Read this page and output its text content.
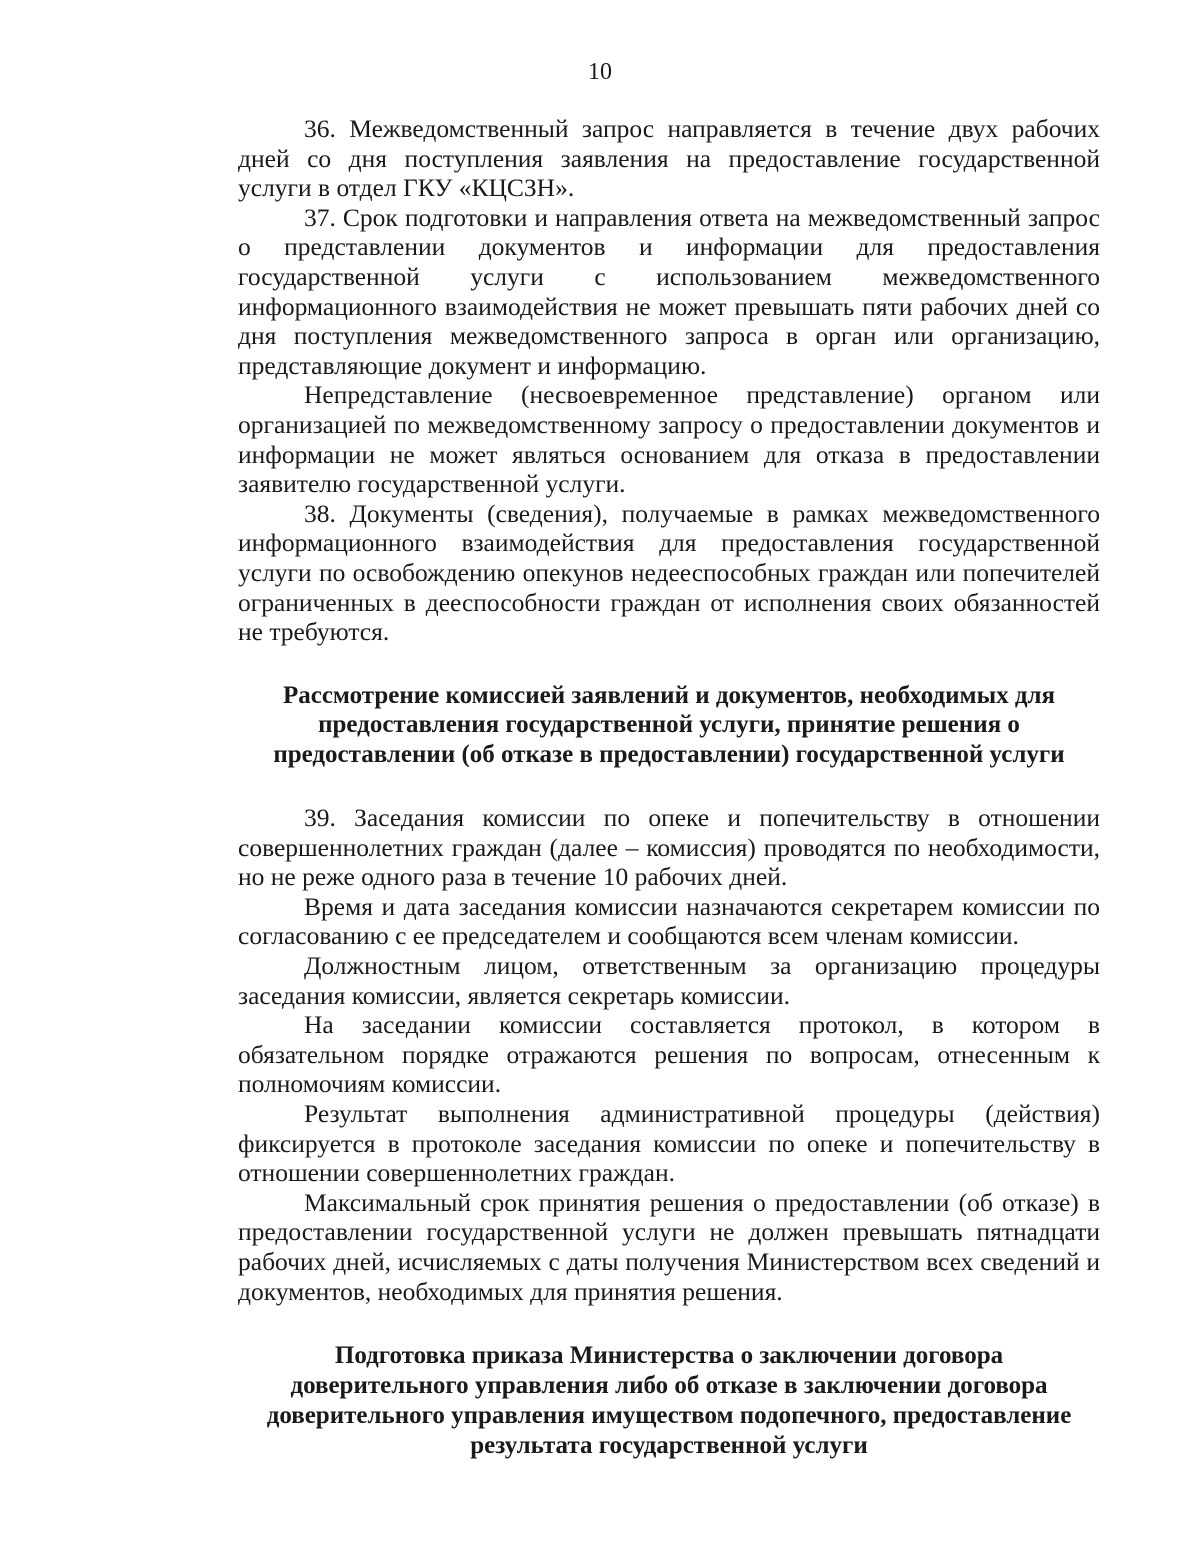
10

36. Межведомственный запрос направляется в течение двух рабочих дней со дня поступления заявления на предоставление государственной услуги в отдел ГКУ «КЦСЗН».

37. Срок подготовки и направления ответа на межведомственный запрос о представлении документов и информации для предоставления государственной услуги с использованием межведомственного информационного взаимодействия не может превышать пяти рабочих дней со дня поступления межведомственного запроса в орган или организацию, представляющие документ и информацию.

Непредставление (несвоевременное представление) органом или организацией по межведомственному запросу о предоставлении документов и информации не может являться основанием для отказа в предоставлении заявителю государственной услуги.

38. Документы (сведения), получаемые в рамках межведомственного информационного взаимодействия для предоставления государственной услуги по освобождению опекунов недееспособных граждан или попечителей ограниченных в дееспособности граждан от исполнения своих обязанностей не требуются.

Рассмотрение комиссией заявлений и документов, необходимых для
предоставления государственной услуги, принятие решения о
предоставлении (об отказе в предоставлении) государственной услуги

39. Заседания комиссии по опеке и попечительству в отношении совершеннолетних граждан (далее – комиссия) проводятся по необходимости, но не реже одного раза в течение 10 рабочих дней.

Время и дата заседания комиссии назначаются секретарем комиссии по согласованию с ее председателем и сообщаются всем членам комиссии.

Должностным лицом, ответственным за организацию процедуры заседания комиссии, является секретарь комиссии.

На заседании комиссии составляется протокол, в котором в обязательном порядке отражаются решения по вопросам, отнесенным к полномочиям комиссии.

Результат выполнения административной процедуры (действия) фиксируется в протоколе заседания комиссии по опеке и попечительству в отношении совершеннолетних граждан.

Максимальный срок принятия решения о предоставлении (об отказе) в предоставлении государственной услуги не должен превышать пятнадцати рабочих дней, исчисляемых с даты получения Министерством всех сведений и документов, необходимых для принятия решения.

Подготовка приказа Министерства о заключении договора
доверительного управления либо об отказе в заключении договора
доверительного управления имуществом подопечного, предоставление
результата государственной услуги
